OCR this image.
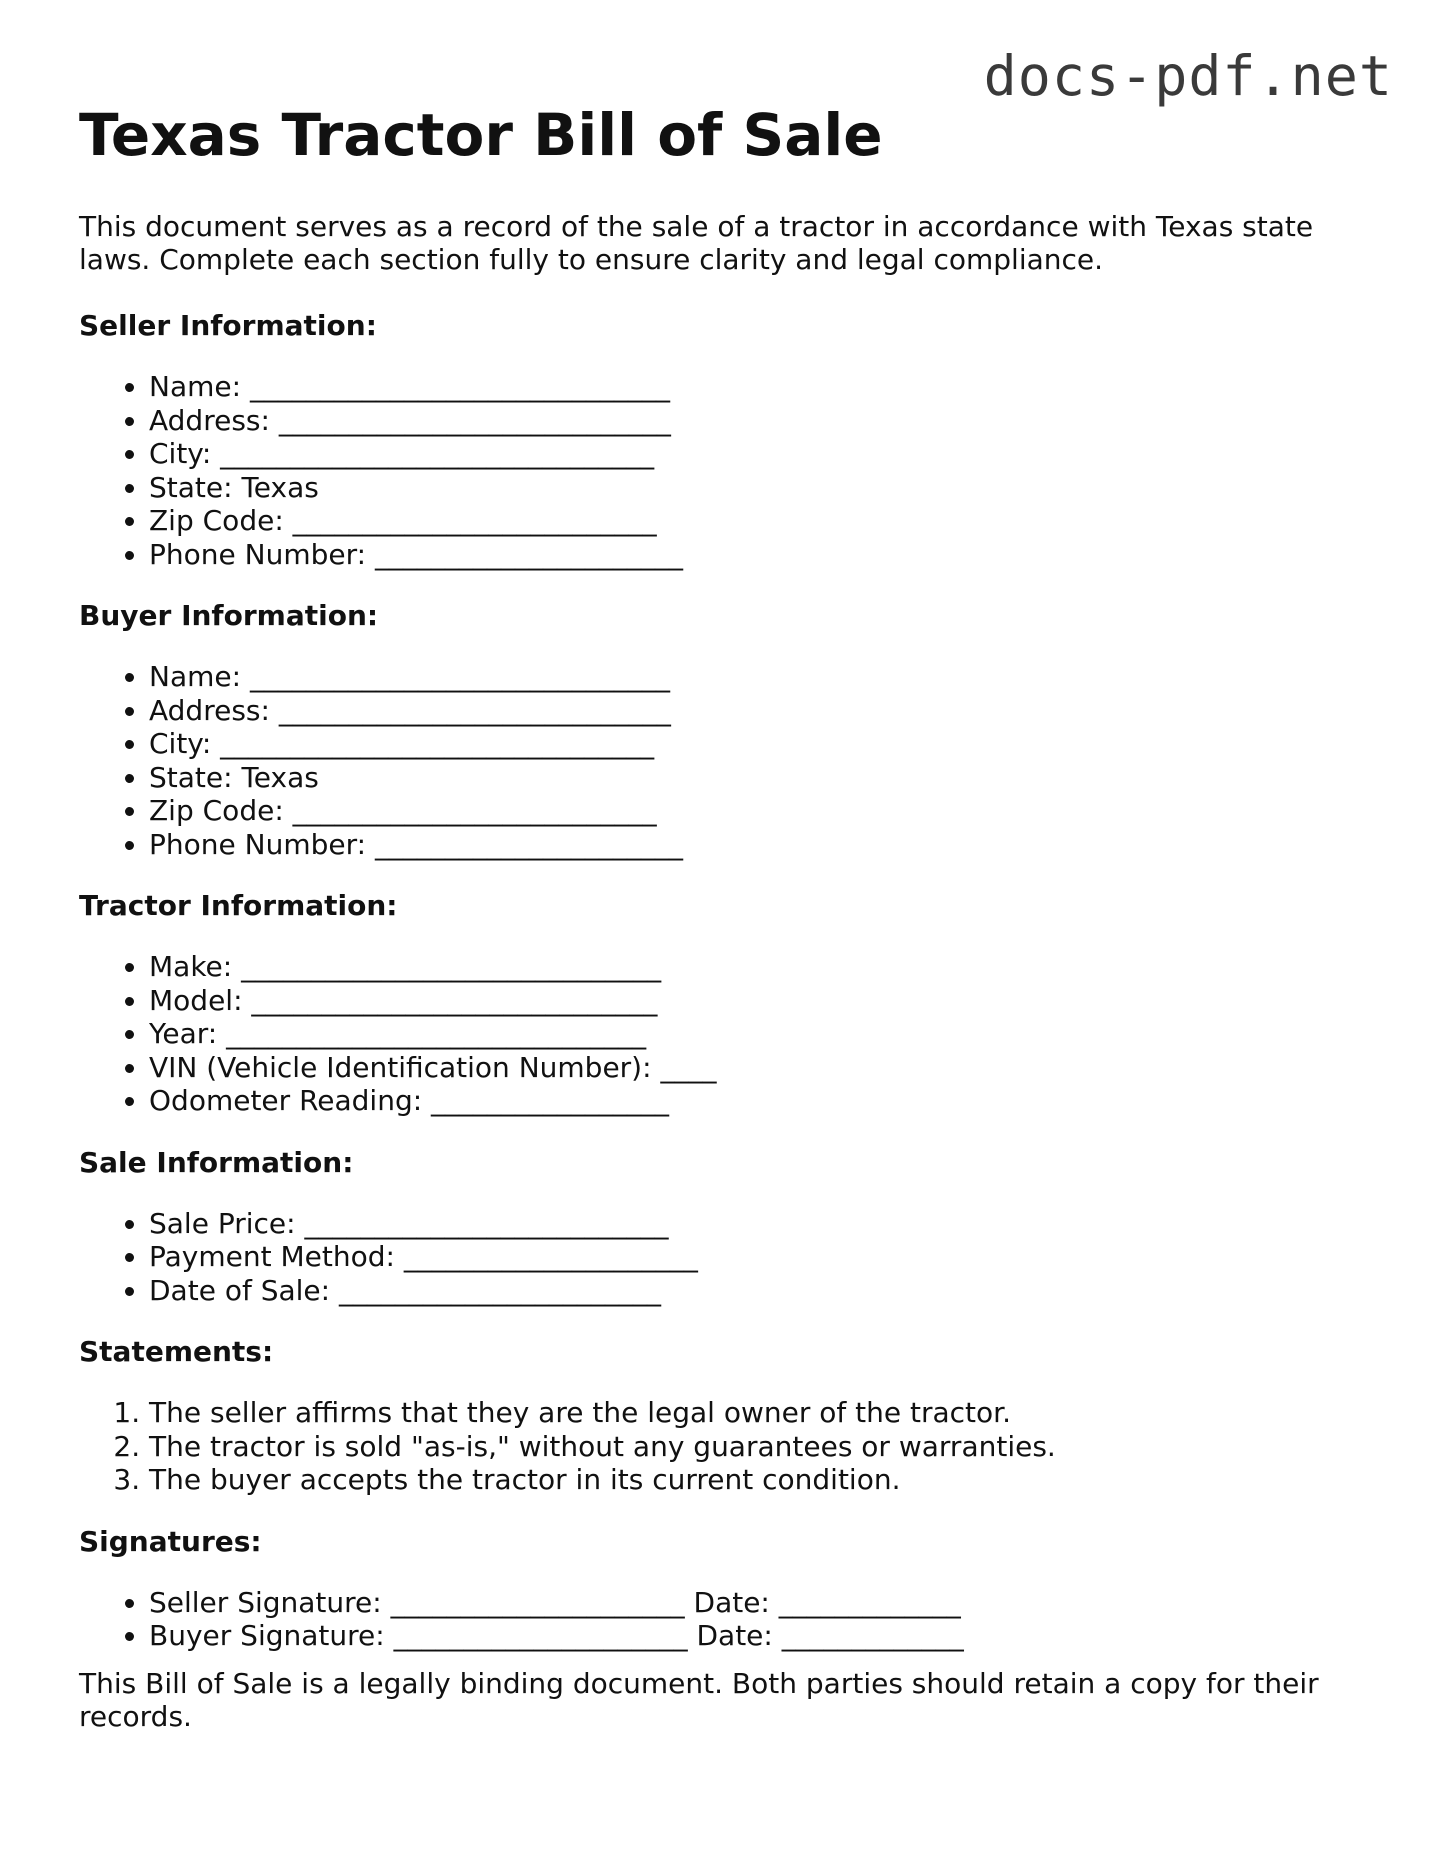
docs-pdf.net
Texas Tractor Bill of Sale

This document serves as a record of the sale of a tractor in accordance with Texas state laws. Complete each section fully to ensure clarity and legal compliance.

Seller Information:
• Name: ______________________________
• Address: ____________________________
• City: _______________________________
• State: Texas
• Zip Code: __________________________
• Phone Number: ______________________
Buyer Information:
• Name: ______________________________
• Address: ____________________________
• City: _______________________________
• State: Texas
• Zip Code: __________________________
• Phone Number: ______________________
Tractor Information:
• Make: ______________________________
• Model: _____________________________
• Year: ______________________________
• VIN (Vehicle Identification Number): ____
• Odometer Reading: _________________
Sale Information:
• Sale Price: __________________________
• Payment Method: _____________________
• Date of Sale: _______________________
Statements:
1. The seller affirms that they are the legal owner of the tractor.
2. The tractor is sold "as-is," without any guarantees or warranties.
3. The buyer accepts the tractor in its current condition.
Signatures:
• Seller Signature: _____________________ Date: _____________
• Buyer Signature: _____________________ Date: _____________

This Bill of Sale is a legally binding document. Both parties should retain a copy for their records.
